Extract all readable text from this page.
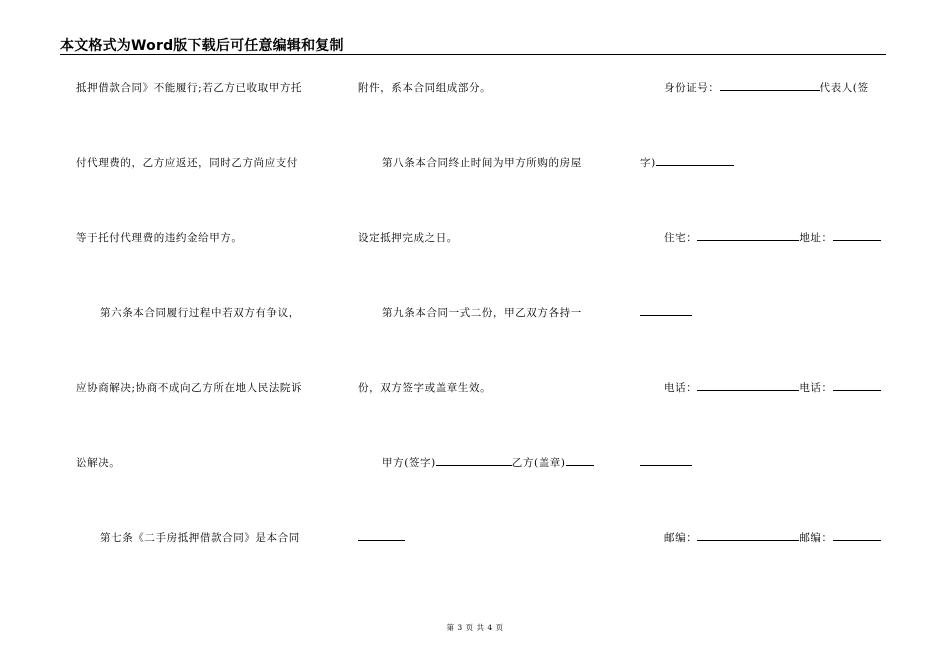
本文格式为Word版下载后可任意编辑和复制
抵押借款合同》不能履行;若乙方已收取甲方托
付代理费的，乙方应返还，同时乙方尚应支付
等于托付代理费的违约金给甲方。
第六条本合同履行过程中若双方有争议，
应协商解决;协商不成向乙方所在地人民法院诉
讼解决。
第七条《二手房抵押借款合同》是本合同
附件，系本合同组成部分。
第八条本合同终止时间为甲方所购的房屋
设定抵押完成之日。
第九条本合同一式二份，甲乙双方各持一
份，双方签字或盖章生效。
甲方(签字)	乙方(盖章)
身份证号：	代表人(签
字)
住宅：	地址：
电话：	电话：
邮编：	邮编：
第 3 页 共 4 页
